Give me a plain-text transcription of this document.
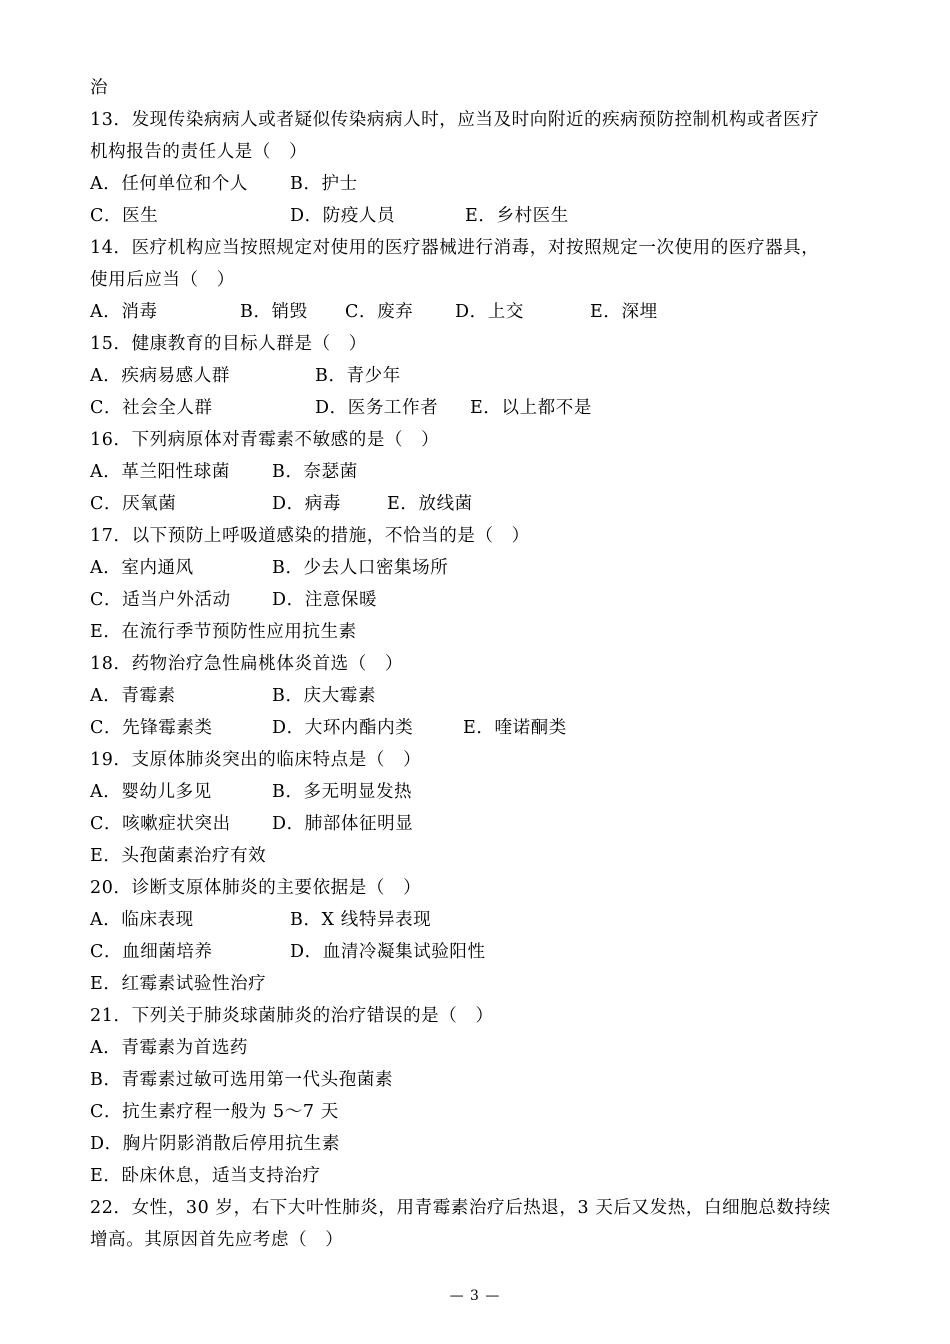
治
13．发现传染病病人或者疑似传染病病人时，应当及时向附近的疾病预防控制机构或者医疗
机构报告的责任人是（　）
A．任何单位和个人 B．护士
C．医生	D．防疫人员	E．乡村医生
14．医疗机构应当按照规定对使用的医疗器械进行消毒，对按照规定一次使用的医疗器具，
使用后应当（　）
A．消毒	B．销毁 C．废弃 D．上交	E．深埋
15．健康教育的目标人群是（　）
A．疾病易感人群	B．青少年
C．社会全人群	D．医务工作者 E．以上都不是
16．下列病原体对青霉素不敏感的是（　）
A．革兰阳性球菌 B．奈瑟菌
C．厌氧菌	D．病毒	E．放线菌
17．以下预防上呼吸道感染的措施，不恰当的是（　）
A．室内通风	B．少去人口密集场所
C．适当户外活动 D．注意保暖
E．在流行季节预防性应用抗生素
18．药物治疗急性扁桃体炎首选（　）
A．青霉素	B．庆大霉素
C．先锋霉素类	D．大环内酯内类	E．喹诺酮类
19．支原体肺炎突出的临床特点是（　）
A．婴幼儿多见	B．多无明显发热
C．咳嗽症状突出 D．肺部体征明显
E．头孢菌素治疗有效
20．诊断支原体肺炎的主要依据是（　）
A．临床表现	B．X 线特异表现
C．血细菌培养	D．血清冷凝集试验阳性
E．红霉素试验性治疗
21．下列关于肺炎球菌肺炎的治疗错误的是（　）
A．青霉素为首选药
B．青霉素过敏可选用第一代头孢菌素
C．抗生素疗程一般为 5～7 天
D．胸片阴影消散后停用抗生素
E．卧床休息，适当支持治疗
22．女性，30 岁，右下大叶性肺炎，用青霉素治疗后热退，3 天后又发热，白细胞总数持续
增高。其原因首先应考虑（　）
— 3 —
